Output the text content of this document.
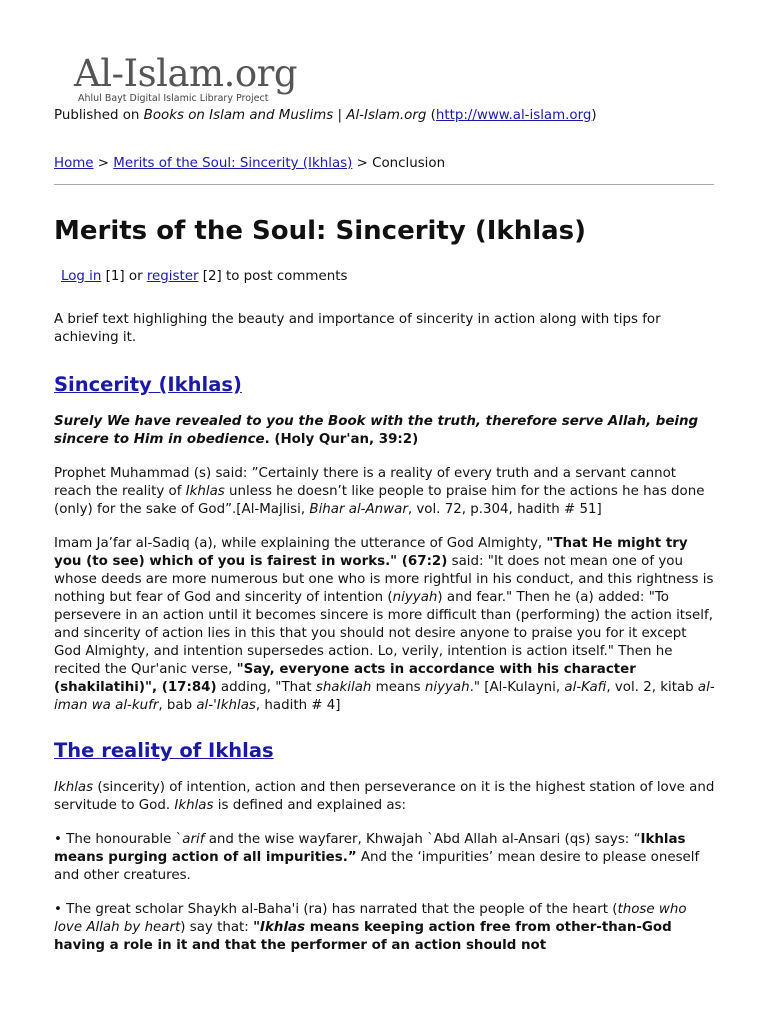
Al-Islam.org
Ahlul Bayt Digital Islamic Library Project
Published on Books on Islam and Muslims | Al-Islam.org (http://www.al-islam.org)
Home > Merits of the Soul: Sincerity (Ikhlas) > Conclusion
Merits of the Soul: Sincerity (Ikhlas)
Log in [1] or register [2] to post comments

A brief text highlighing the beauty and importance of sincerity in action along with tips for achieving it.

Sincerity (Ikhlas)

Surely We have revealed to you the Book with the truth, therefore serve Allah, being sincere to Him in obedience. (Holy Qur'an, 39:2)

Prophet Muhammad (s) said: ”Certainly there is a reality of every truth and a servant cannot reach the reality of Ikhlas unless he doesn’t like people to praise him for the actions he has done (only) for the sake of God”.[Al-Majlisi, Bihar al-Anwar, vol. 72, p.304, hadith # 51]

Imam Ja’far al-Sadiq (a), while explaining the utterance of God Almighty, "That He might try you (to see) which of you is fairest in works." (67:2) said: "It does not mean one of you whose deeds are more numerous but one who is more rightful in his conduct, and this rightness is nothing but fear of God and sincerity of intention (niyyah) and fear." Then he (a) added: "To persevere in an action until it becomes sincere is more difficult than (performing) the action itself, and sincerity of action lies in this that you should not desire anyone to praise you for it except God Almighty, and intention supersedes action. Lo, verily, intention is action itself." Then he recited the Qur'anic verse, "Say, everyone acts in accordance with his character (shakilatihi)", (17:84) adding, "That shakilah means niyyah." [Al-Kulayni, al-Kafi, vol. 2, kitab al- iman wa al-kufr, bab al-'Ikhlas, hadith # 4]

The reality of Ikhlas

Ikhlas (sincerity) of intention, action and then perseverance on it is the highest station of love and servitude to God. Ikhlas is defined and explained as:

• The honourable `arif and the wise wayfarer, Khwajah `Abd Allah al-Ansari (qs) says: “Ikhlas means purging action of all impurities.” And the ‘impurities’ mean desire to please oneself and other creatures.

• The great scholar Shaykh al-Baha'i (ra) has narrated that the people of the heart (those who love Allah by heart) say that: "Ikhlas means keeping action free from other-than-God having a role in it and that the performer of an action should not
